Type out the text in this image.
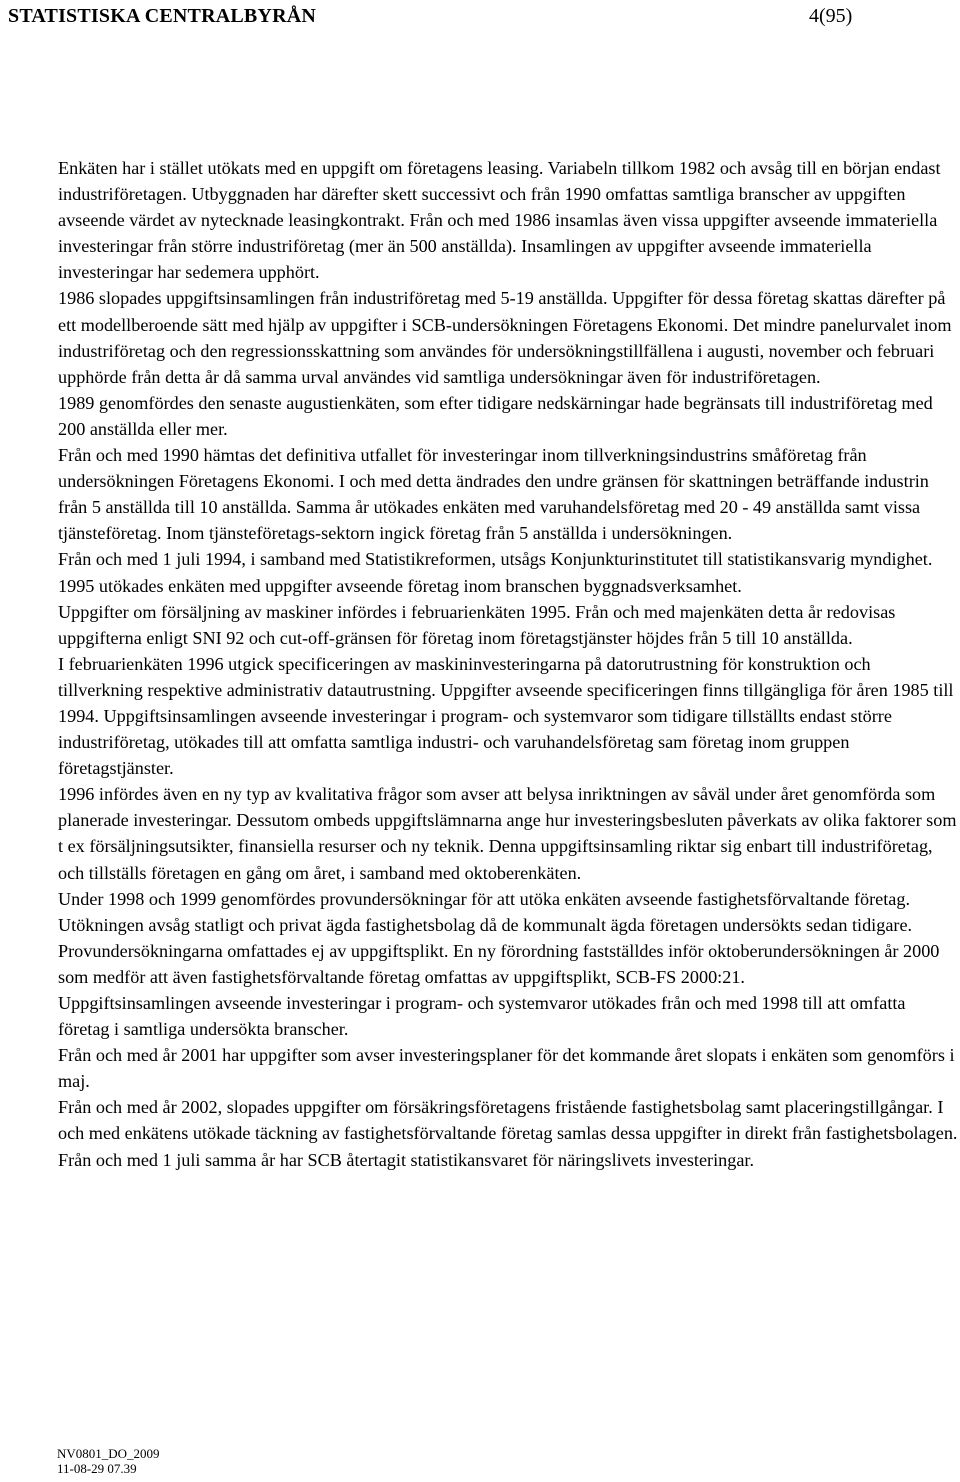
STATISTISKA CENTRALBYRÅN	4(95)

Enkäten har i stället utökats med en uppgift om företagens leasing. Variabeln tillkom 1982 och avsåg till en början endast industriföretagen. Utbyggnaden har därefter skett successivt och från 1990 omfattas samtliga branscher av uppgiften avseende värdet av nytecknade leasingkontrakt. Från och med 1986 insamlas även vissa uppgifter avseende immateriella investeringar från större industriföretag (mer än 500 anställda). Insamlingen av uppgifter avseende immateriella investeringar har sedemera upphört.

1986 slopades uppgiftsinsamlingen från industriföretag med 5-19 anställda. Uppgifter för dessa företag skattas därefter på ett modellberoende sätt med hjälp av uppgifter i SCB-undersökningen Företagens Ekonomi. Det mindre panelurvalet inom industriföretag och den regressionsskattning som användes för undersökningstillfällena i augusti, november och februari upphörde från detta år då samma urval användes vid samtliga undersökningar även för industriföretagen.

1989 genomfördes den senaste augustienkäten, som efter tidigare nedskärningar hade begränsats till industriföretag med 200 anställda eller mer.

Från och med 1990 hämtas det definitiva utfallet för investeringar inom tillverkningsindustrins småföretag från undersökningen Företagens Ekonomi. I och med detta ändrades den undre gränsen för skattningen beträffande industrin från 5 anställda till 10 anställda. Samma år utökades enkäten med varuhandelsföretag med 20 - 49 anställda samt vissa tjänsteföretag. Inom tjänsteföretags-sektorn ingick företag från 5 anställda i undersökningen.

Från och med 1 juli 1994, i samband med Statistikreformen, utsågs Konjunkturinstitutet till statistikansvarig myndighet.

1995 utökades enkäten med uppgifter avseende företag inom branschen byggnadsverksamhet.

Uppgifter om försäljning av maskiner infördes i februarienkäten 1995. Från och med majenkäten detta år redovisas uppgifterna enligt SNI 92 och cut-off-gränsen för företag inom företagstjänster höjdes från 5 till 10 anställda.

I februarienkäten 1996 utgick specificeringen av maskininvesteringarna på datorutrustning för konstruktion och tillverkning respektive administrativ datautrustning. Uppgifter avseende specificeringen finns tillgängliga för åren 1985 till 1994. Uppgiftsinsamlingen avseende investeringar i program- och systemvaror som tidigare tillställts endast större industriföretag, utökades till att omfatta samtliga industri- och varuhandelsföretag sam företag inom gruppen företagstjänster.

1996 infördes även en ny typ av kvalitativa frågor som avser att belysa inriktningen av såväl under året genomförda som planerade investeringar. Dessutom ombeds uppgiftslämnarna ange hur investeringsbesluten påverkats av olika faktorer som t ex försäljningsutsikter, finansiella resurser och ny teknik. Denna uppgiftsinsamling riktar sig enbart till industriföretag, och tillställs företagen en gång om året, i samband med oktoberenkäten.

Under 1998 och 1999 genomfördes provundersökningar för att utöka enkäten avseende fastighetsförvaltande företag. Utökningen avsåg statligt och privat ägda fastighetsbolag då de kommunalt ägda företagen undersökts sedan tidigare. Provundersökningarna omfattades ej av uppgiftsplikt. En ny förordning fastställdes inför oktoberundersökningen år 2000 som medför att även fastighetsförvaltande företag omfattas av uppgiftsplikt, SCB-FS 2000:21.

Uppgiftsinsamlingen avseende investeringar i program- och systemvaror utökades från och med 1998 till att omfatta företag i samtliga undersökta branscher.

Från och med år 2001 har uppgifter som avser investeringsplaner för det kommande året slopats i enkäten som genomförs i maj.

Från och med år 2002, slopades uppgifter om försäkringsföretagens fristående fastighetsbolag samt placeringstillgångar. I och med enkätens utökade täckning av fastighetsförvaltande företag samlas dessa uppgifter in direkt från fastighetsbolagen. Från och med 1 juli samma år har SCB återtagit statistikansvaret för näringslivets investeringar.

NV0801_DO_2009
11-08-29 07.39
